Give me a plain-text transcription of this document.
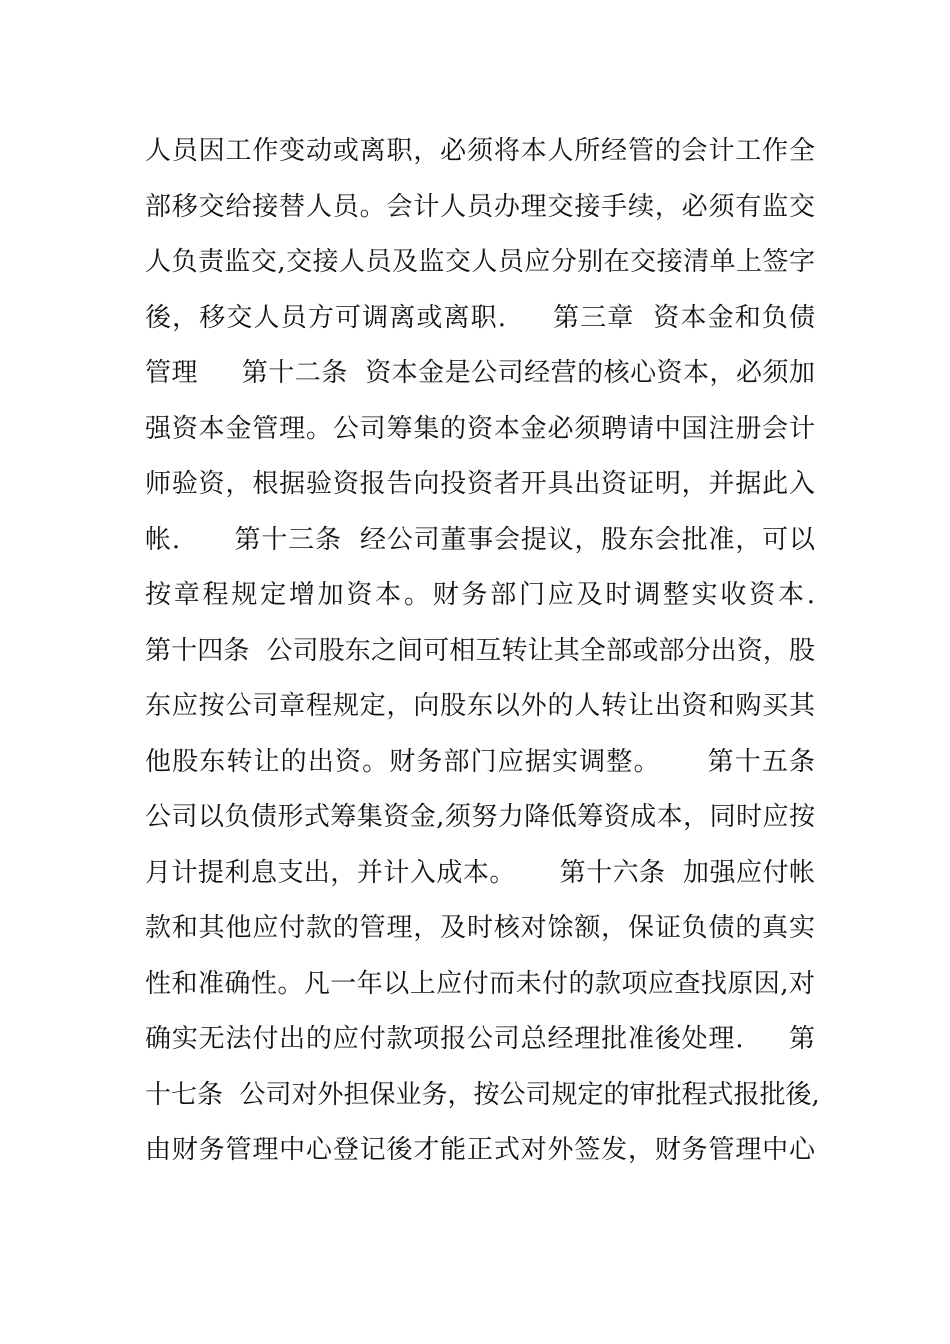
人员因工作变动或离职，必须将本人所经管的会计工作全
部移交给接替人员。会计人员办理交接手续，必须有监交
人负责监交,交接人员及监交人员应分别在交接清单上签字
後，移交人员方可调离或离职.     第三章  资本金和负债
管理     第十二条  资本金是公司经营的核心资本，必须加
强资本金管理。公司筹集的资本金必须聘请中国注册会计
师验资，根据验资报告向投资者开具出资证明，并据此入
帐.      第十三条  经公司董事会提议，股东会批准，可以
按章程规定增加资本。财务部门应及时调整实收资本.
第十四条  公司股东之间可相互转让其全部或部分出资，股
东应按公司章程规定，向股东以外的人转让出资和购买其
他股东转让的出资。财务部门应据实调整。     第十五条
公司以负债形式筹集资金,须努力降低筹资成本，同时应按
月计提利息支出，并计入成本。     第十六条  加强应付帐
款和其他应付款的管理，及时核对馀额，保证负债的真实
性和准确性。凡一年以上应付而未付的款项应查找原因,对
确实无法付出的应付款项报公司总经理批准後处理.     第
十七条  公司对外担保业务，按公司规定的审批程式报批後,
由财务管理中心登记後才能正式对外签发，财务管理中心
